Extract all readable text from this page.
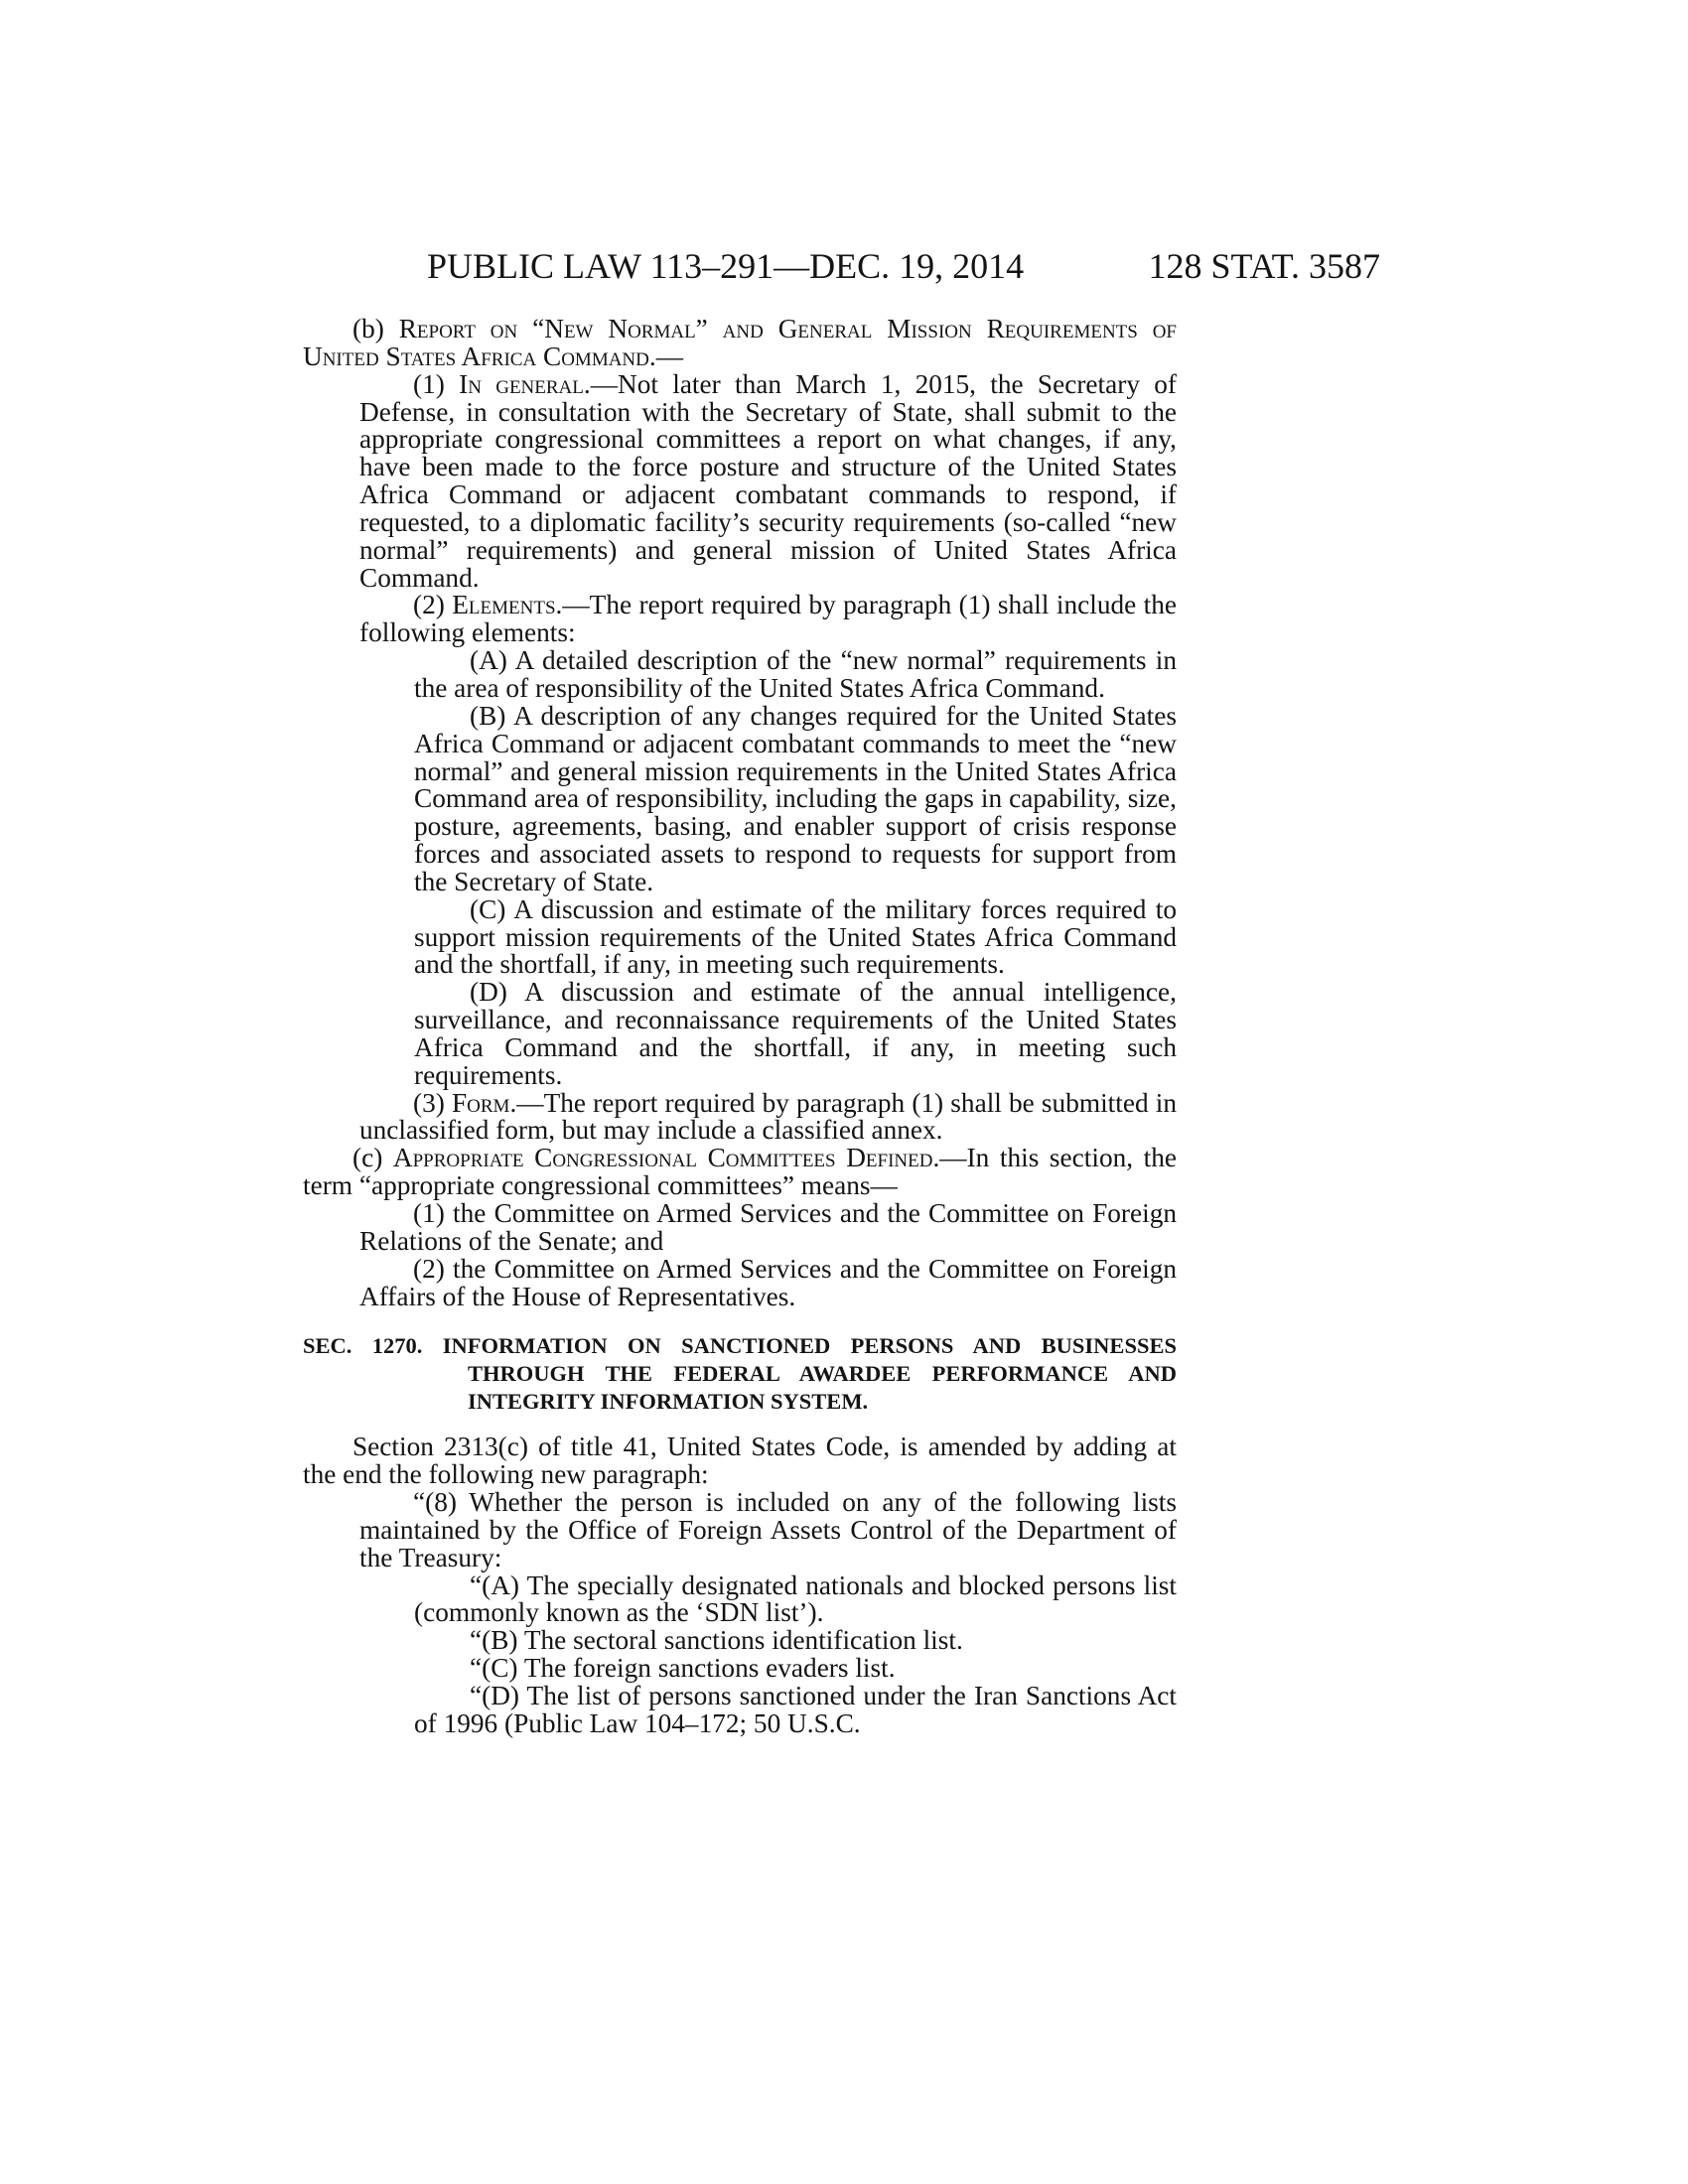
PUBLIC LAW 113–291—DEC. 19, 2014	128 STAT. 3587

(b) Report on “New Normal” and General Mission Requirements of United States Africa Command.—

(1) In general.—Not later than March 1, 2015, the Secretary of Defense, in consultation with the Secretary of State, shall submit to the appropriate congressional committees a report on what changes, if any, have been made to the force posture and structure of the United States Africa Command or adjacent combatant commands to respond, if requested, to a diplomatic facility’s security requirements (so-called “new normal” requirements) and general mission of United States Africa Command.

(2) Elements.—The report required by paragraph (1) shall include the following elements:

(A) A detailed description of the “new normal” requirements in the area of responsibility of the United States Africa Command.

(B) A description of any changes required for the United States Africa Command or adjacent combatant commands to meet the “new normal” and general mission requirements in the United States Africa Command area of responsibility, including the gaps in capability, size, posture, agreements, basing, and enabler support of crisis response forces and associated assets to respond to requests for support from the Secretary of State.

(C) A discussion and estimate of the military forces required to support mission requirements of the United States Africa Command and the shortfall, if any, in meeting such requirements.

(D) A discussion and estimate of the annual intelligence, surveillance, and reconnaissance requirements of the United States Africa Command and the shortfall, if any, in meeting such requirements.

(3) Form.—The report required by paragraph (1) shall be submitted in unclassified form, but may include a classified annex.

(c) Appropriate Congressional Committees Defined.—In this section, the term “appropriate congressional committees” means—

(1) the Committee on Armed Services and the Committee on Foreign Relations of the Senate; and

(2) the Committee on Armed Services and the Committee on Foreign Affairs of the House of Representatives.

SEC. 1270. INFORMATION ON SANCTIONED PERSONS AND BUSINESSES THROUGH THE FEDERAL AWARDEE PERFORMANCE AND INTEGRITY INFORMATION SYSTEM.

Section 2313(c) of title 41, United States Code, is amended by adding at the end the following new paragraph:

“(8) Whether the person is included on any of the following lists maintained by the Office of Foreign Assets Control of the Department of the Treasury:

“(A) The specially designated nationals and blocked persons list (commonly known as the ‘SDN list’).

“(B) The sectoral sanctions identification list.

“(C) The foreign sanctions evaders list.

“(D) The list of persons sanctioned under the Iran Sanctions Act of 1996 (Public Law 104–172; 50 U.S.C.
